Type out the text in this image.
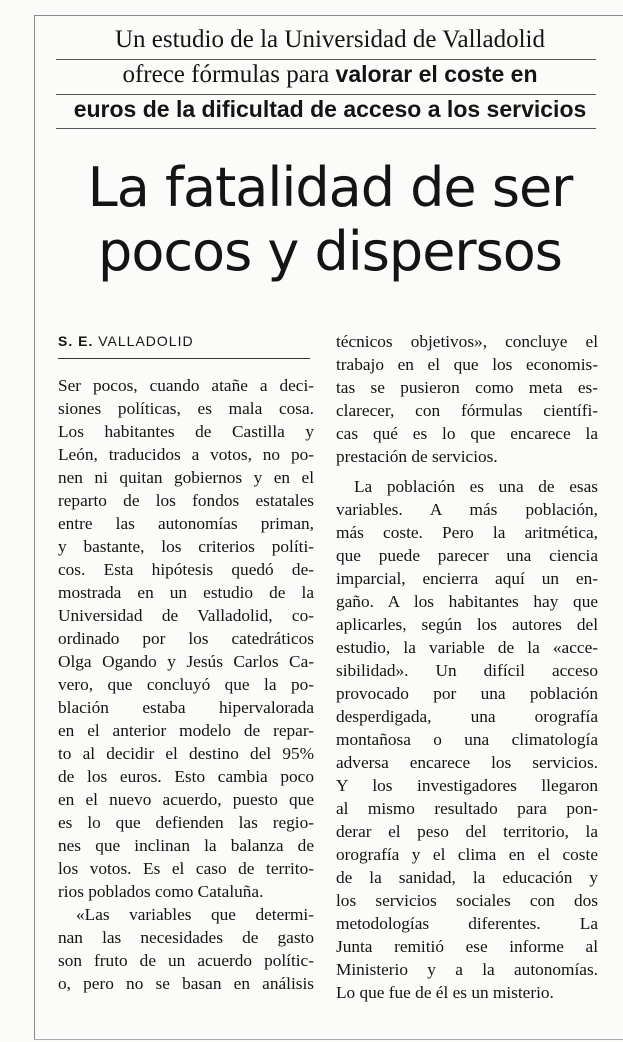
Un estudio de la Universidad de Valladolid
ofrece fórmulas para valorar el coste en
euros de la dificultad de acceso a los servicios
La fatalidad de ser
pocos y dispersos
S. E. VALLADOLID
Ser pocos, cuando atañe a deci-
siones políticas, es mala cosa.
Los habitantes de Castilla y
León, traducidos a votos, no po-
nen ni quitan gobiernos y en el
reparto de los fondos estatales
entre las autonomías priman,
y bastante, los criterios políti-
cos. Esta hipótesis quedó de-
mostrada en un estudio de la
Universidad de Valladolid, co-
ordinado por los catedráticos
Olga Ogando y Jesús Carlos Ca-
vero, que concluyó que la po-
blación estaba hipervalorada
en el anterior modelo de repar-
to al decidir el destino del 95%
de los euros. Esto cambia poco
en el nuevo acuerdo, puesto que
es lo que defienden las regio-
nes que inclinan la balanza de
los votos. Es el caso de territo-
rios poblados como Cataluña.
«Las variables que determi-
nan las necesidades de gasto
son fruto de un acuerdo polític-
o, pero no se basan en análisis
técnicos objetivos», concluye el
trabajo en el que los economis-
tas se pusieron como meta es-
clarecer, con fórmulas científi-
cas qué es lo que encarece la
prestación de servicios.
La población es una de esas
variables. A más población,
más coste. Pero la aritmética,
que puede parecer una ciencia
imparcial, encierra aquí un en-
gaño. A los habitantes hay que
aplicarles, según los autores del
estudio, la variable de la «acce-
sibilidad». Un difícil acceso
provocado por una población
desperdigada, una orografía
montañosa o una climatología
adversa encarece los servicios.
Y los investigadores llegaron
al mismo resultado para pon-
derar el peso del territorio, la
orografía y el clima en el coste
de la sanidad, la educación y
los servicios sociales con dos
metodologías diferentes. La
Junta remitió ese informe al
Ministerio y a la autonomías.
Lo que fue de él es un misterio.
